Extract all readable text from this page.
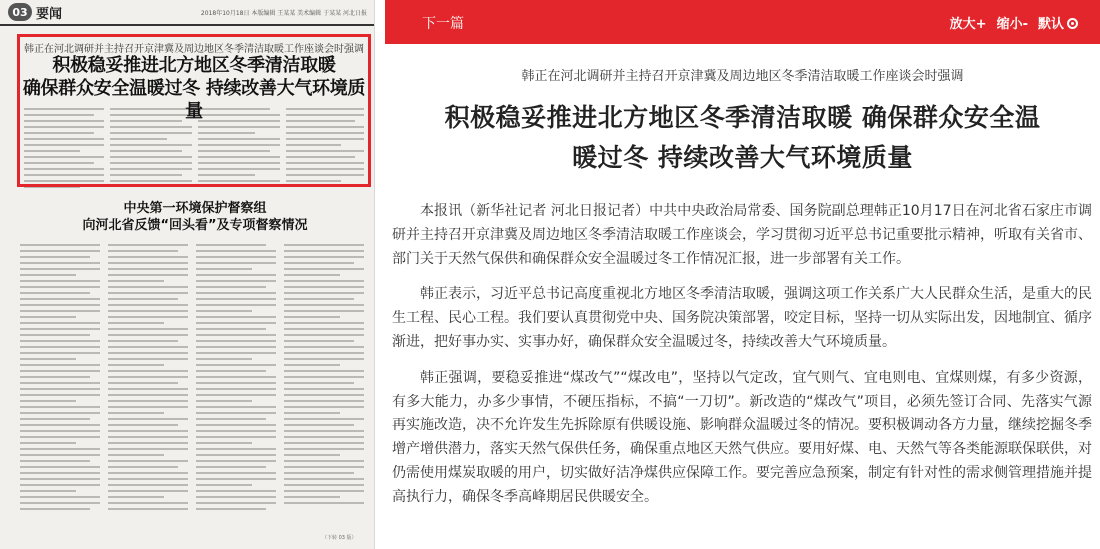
03 要闻	2018年10月18日 本版编辑 王某某 美术编辑 于某某 河北日报
韩正在河北调研并主持召开京津冀及周边地区冬季清洁取暖工作座谈会时强调
积极稳妥推进北方地区冬季清洁取暖
确保群众安全温暖过冬 持续改善大气环境质量
中央第一环境保护督察组
向河北省反馈“回头看”及专项督察情况
（下转 03 版）
下一篇	放大+ 缩小- 默认
韩正在河北调研并主持召开京津冀及周边地区冬季清洁取暖工作座谈会时强调
积极稳妥推进北方地区冬季清洁取暖 确保群众安全温
暖过冬 持续改善大气环境质量

本报讯（新华社记者 河北日报记者）中共中央政治局常委、国务院副总理韩正10月17日在河北省石家庄市调研并主持召开京津冀及周边地区冬季清洁取暖工作座谈会，学习贯彻习近平总书记重要批示精神，听取有关省市、部门关于天然气保供和确保群众安全温暖过冬工作情况汇报，进一步部署有关工作。

韩正表示，习近平总书记高度重视北方地区冬季清洁取暖，强调这项工作关系广大人民群众生活，是重大的民生工程、民心工程。我们要认真贯彻党中央、国务院决策部署，咬定目标，坚持一切从实际出发，因地制宜、循序渐进，把好事办实、实事办好，确保群众安全温暖过冬，持续改善大气环境质量。

韩正强调，要稳妥推进“煤改气”“煤改电”，坚持以气定改，宜气则气、宜电则电、宜煤则煤，有多少资源，有多大能力，办多少事情，不硬压指标，不搞“一刀切”。新改造的“煤改气”项目，必须先签订合同、先落实气源再实施改造，决不允许发生先拆除原有供暖设施、影响群众温暖过冬的情况。要积极调动各方力量，继续挖掘冬季增产增供潜力，落实天然气保供任务，确保重点地区天然气供应。要用好煤、电、天然气等各类能源联保联供，对仍需使用煤炭取暖的用户，切实做好洁净煤供应保障工作。要完善应急预案，制定有针对性的需求侧管理措施并提高执行力，确保冬季高峰期居民供暖安全。
